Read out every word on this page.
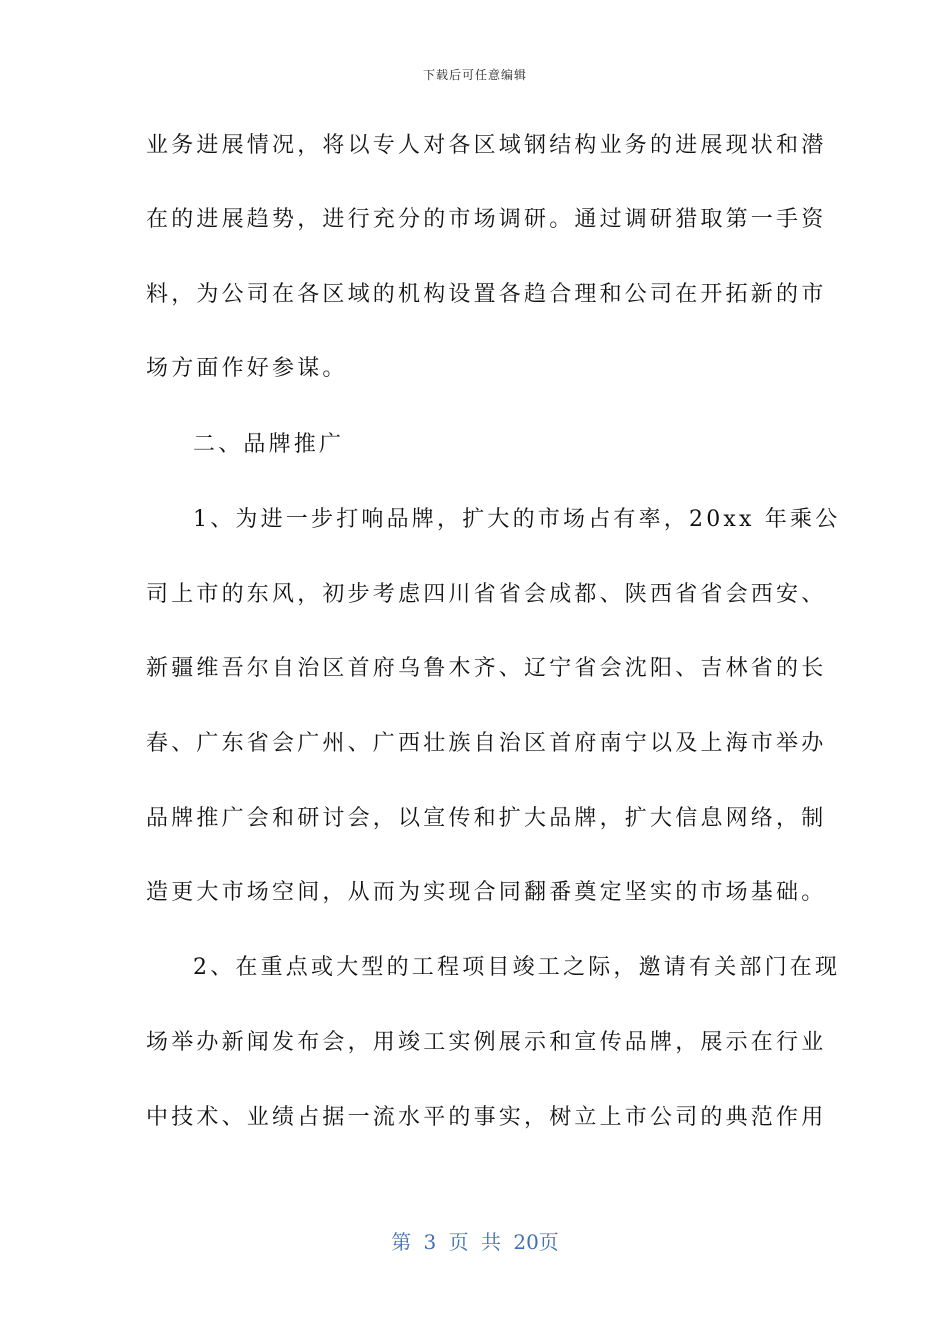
下载后可任意编辑
业务进展情况，将以专人对各区域钢结构业务的进展现状和潜
在的进展趋势，进行充分的市场调研。通过调研猎取第一手资
料，为公司在各区域的机构设置各趋合理和公司在开拓新的市
场方面作好参谋。
二、品牌推广
1、为进一步打响品牌，扩大的市场占有率，20xx 年乘公
司上市的东风，初步考虑四川省省会成都、陕西省省会西安、
新疆维吾尔自治区首府乌鲁木齐、辽宁省会沈阳、吉林省的长
春、广东省会广州、广西壮族自治区首府南宁以及上海市举办
品牌推广会和研讨会，以宣传和扩大品牌，扩大信息网络，制
造更大市场空间，从而为实现合同翻番奠定坚实的市场基础。
2、在重点或大型的工程项目竣工之际，邀请有关部门在现
场举办新闻发布会，用竣工实例展示和宣传品牌，展示在行业
中技术、业绩占据一流水平的事实，树立上市公司的典范作用
第 3 页 共 20页
